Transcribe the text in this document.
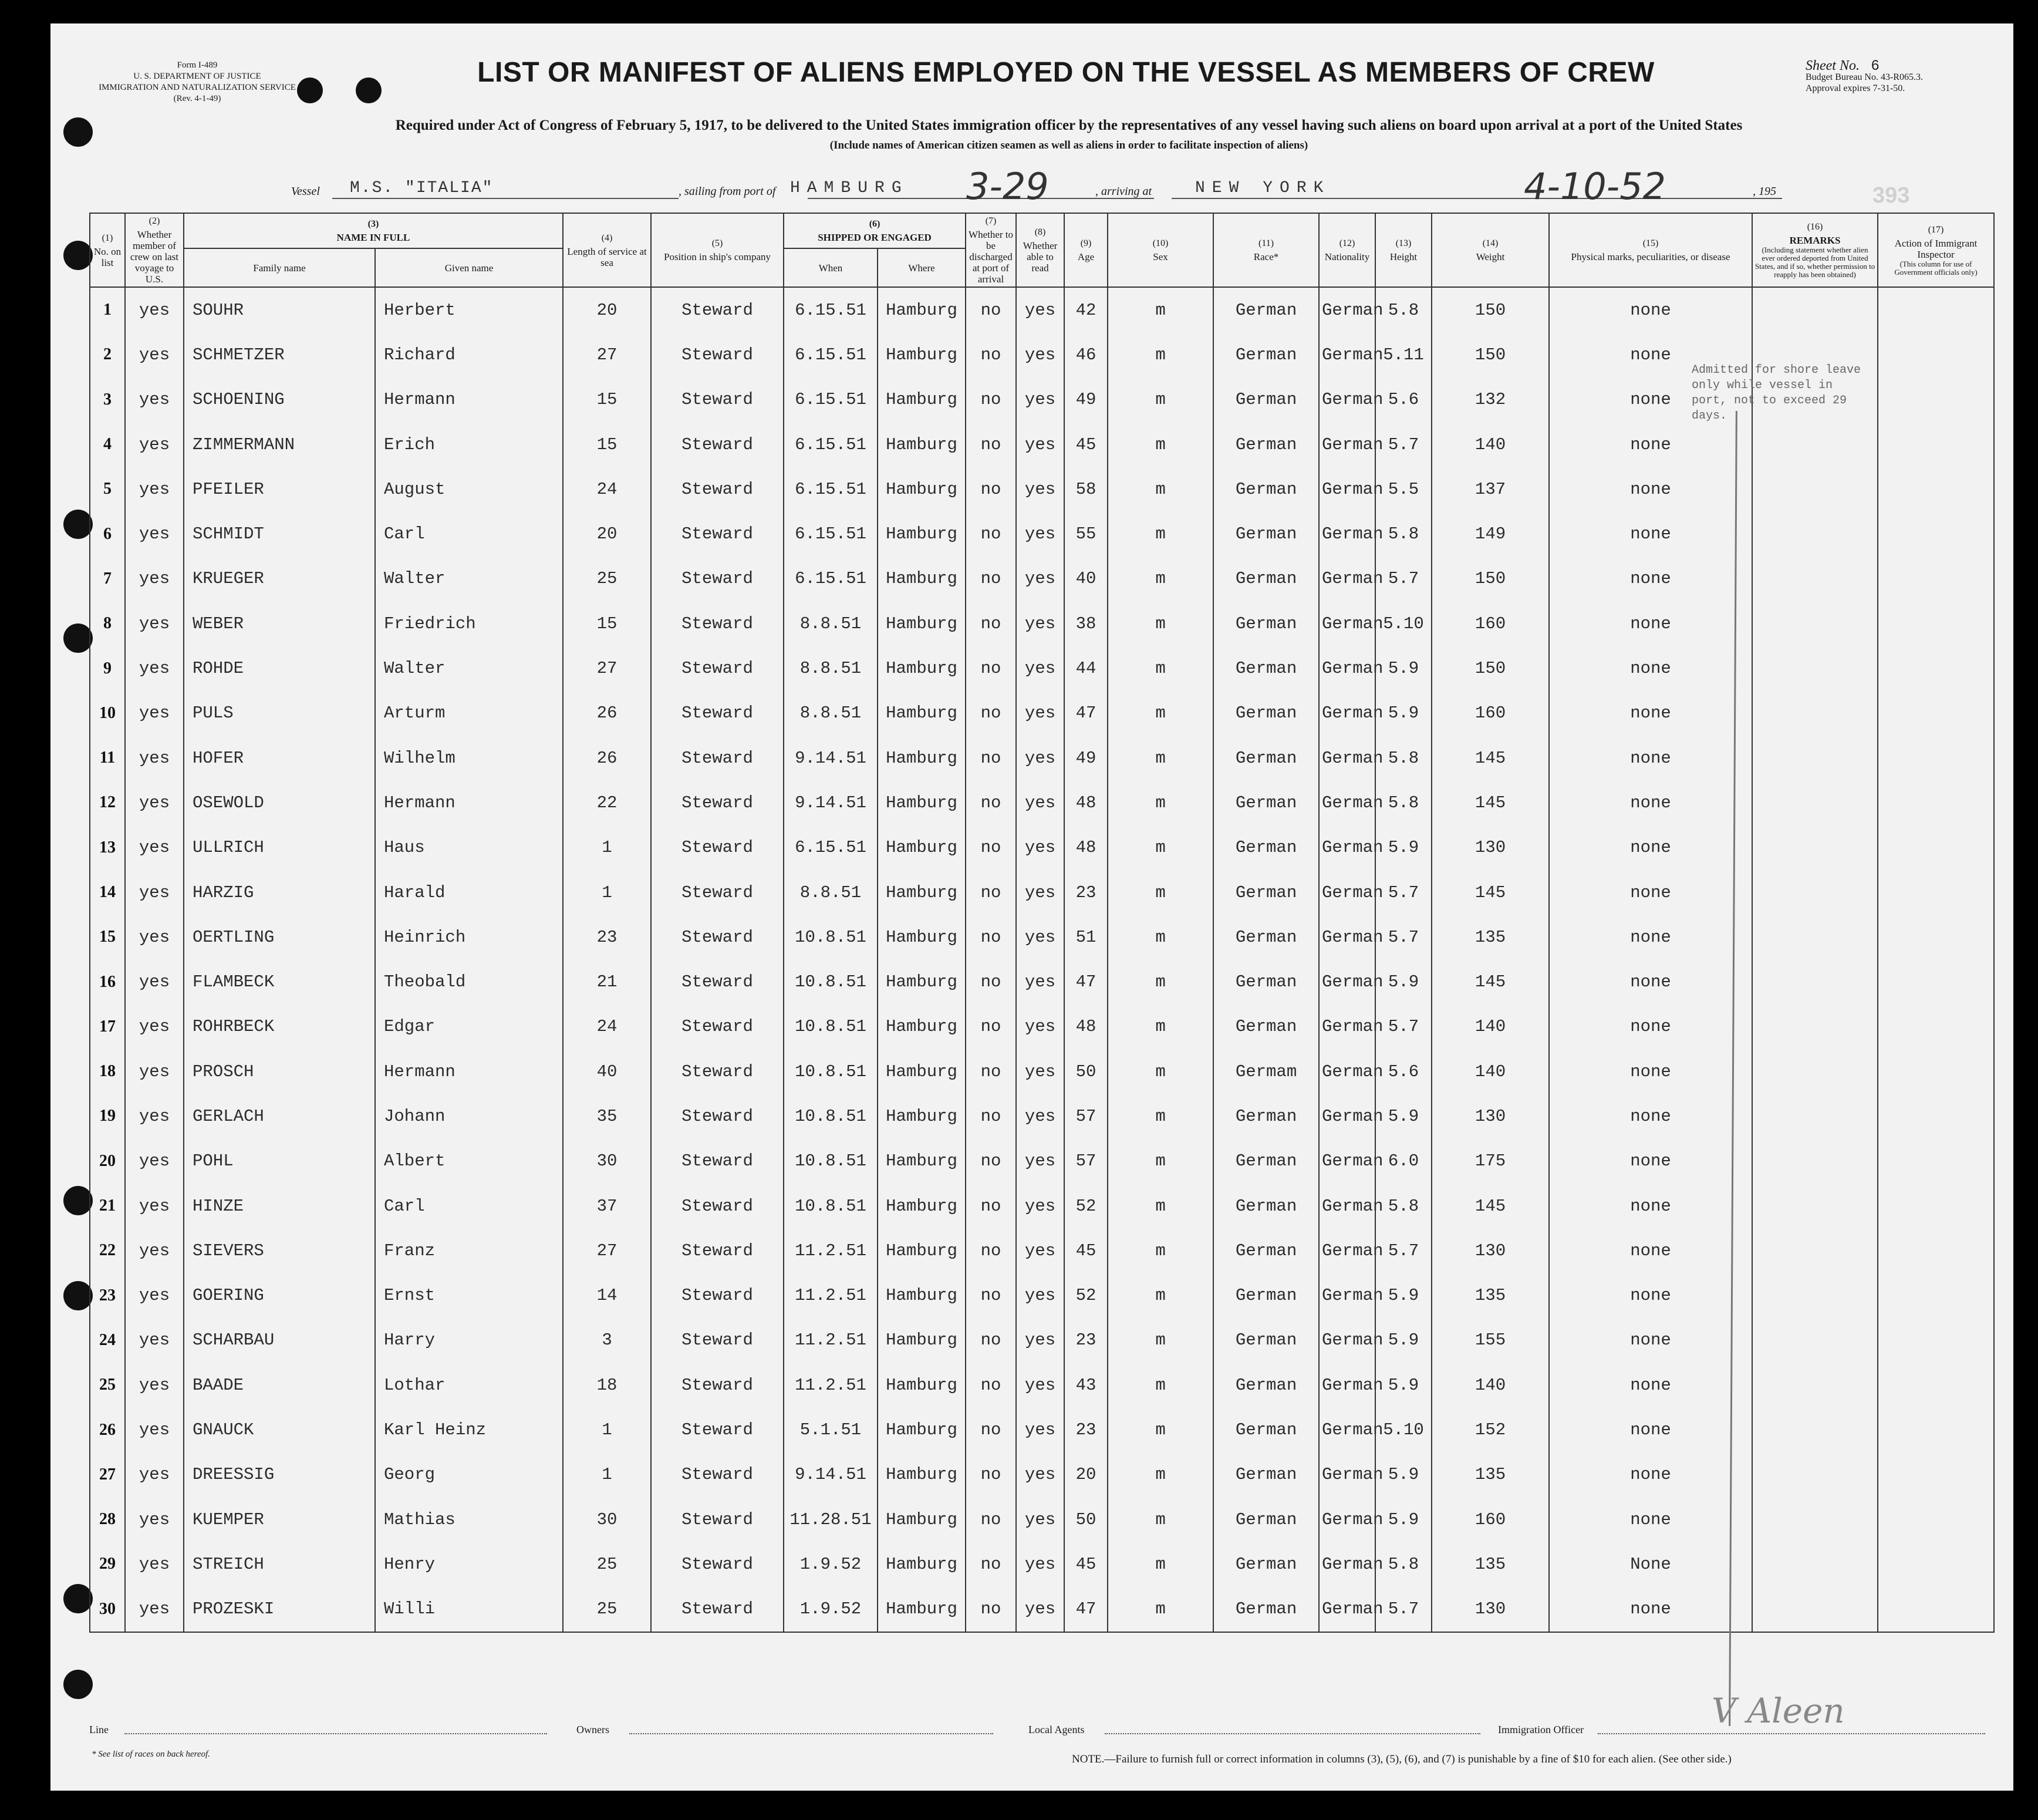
Form I-489
U. S. DEPARTMENT OF JUSTICE
IMMIGRATION AND NATURALIZATION SERVICE
(Rev. 4-1-49)
LIST OR MANIFEST OF ALIENS EMPLOYED ON THE VESSEL AS MEMBERS OF CREW	Sheet No. 6
Budget Bureau No. 43-R065.3.
Approval expires 7-31-50.
Required under Act of Congress of February 5, 1917, to be delivered to the United States immigration officer by the representatives of any vessel having such aliens on board upon arrival at a port of the United States
(Include names of American citizen seamen as well as aliens in order to facilitate inspection of aliens)
Vessel M.S. "ITALIA"	, sailing from port of HAMBURG 3-29	, arriving at	NEW YORK	4-10-52	, 195	393
(1)
No. on list	(2)
Whether member of crew on last voyage to U.S.	(3)
NAME IN FULL		(4)
Length of service at sea	(5)
Position in ship's company	(6)
SHIPPED OR ENGAGED		(7)
Whether to be discharged at port of arrival	(8)
Whether able to read	(9)
Age	(10)
Sex	(11)
Race*	(12)
Nationality	(13)
Height	(14)
Weight	(15)
Physical marks, peculiarities, or disease	(16)
REMARKS

(Including statement whether alien ever ordered deported from United States, and if so, whether permission to reapply has been obtained)	(17)
Action of Immigrant Inspector

(This column for use of Government officials only)

		Family name	Given name			When	Where											
1	yes	SOUHR	Herbert	20	Steward	6.15.51	Hamburg	no	yes	42	m	German	German	5.8	150	none		
2	yes	SCHMETZER	Richard	27	Steward	6.15.51	Hamburg	no	yes	46	m	German	German	5.11	150	none		
3	yes	SCHOENING	Hermann	15	Steward	6.15.51	Hamburg	no	yes	49	m	German	German	5.6	132	none		
4	yes	ZIMMERMANN	Erich	15	Steward	6.15.51	Hamburg	no	yes	45	m	German	German	5.7	140	none		
5	yes	PFEILER	August	24	Steward	6.15.51	Hamburg	no	yes	58	m	German	German	5.5	137	none		
6	yes	SCHMIDT	Carl	20	Steward	6.15.51	Hamburg	no	yes	55	m	German	German	5.8	149	none		
7	yes	KRUEGER	Walter	25	Steward	6.15.51	Hamburg	no	yes	40	m	German	German	5.7	150	none		
8	yes	WEBER	Friedrich	15	Steward	8.8.51	Hamburg	no	yes	38	m	German	German	5.10	160	none		
9	yes	ROHDE	Walter	27	Steward	8.8.51	Hamburg	no	yes	44	m	German	German	5.9	150	none		
10	yes	PULS	Arturm	26	Steward	8.8.51	Hamburg	no	yes	47	m	German	German	5.9	160	none		
11	yes	HOFER	Wilhelm	26	Steward	9.14.51	Hamburg	no	yes	49	m	German	German	5.8	145	none		
12	yes	OSEWOLD	Hermann	22	Steward	9.14.51	Hamburg	no	yes	48	m	German	German	5.8	145	none		
13	yes	ULLRICH	Haus	1	Steward	6.15.51	Hamburg	no	yes	48	m	German	German	5.9	130	none		
14	yes	HARZIG	Harald	1	Steward	8.8.51	Hamburg	no	yes	23	m	German	German	5.7	145	none		
15	yes	OERTLING	Heinrich	23	Steward	10.8.51	Hamburg	no	yes	51	m	German	German	5.7	135	none		
16	yes	FLAMBECK	Theobald	21	Steward	10.8.51	Hamburg	no	yes	47	m	German	German	5.9	145	none		
17	yes	ROHRBECK	Edgar	24	Steward	10.8.51	Hamburg	no	yes	48	m	German	German	5.7	140	none		
18	yes	PROSCH	Hermann	40	Steward	10.8.51	Hamburg	no	yes	50	m	Germam	German	5.6	140	none		
19	yes	GERLACH	Johann	35	Steward	10.8.51	Hamburg	no	yes	57	m	German	German	5.9	130	none		
20	yes	POHL	Albert	30	Steward	10.8.51	Hamburg	no	yes	57	m	German	German	6.0	175	none		
21	yes	HINZE	Carl	37	Steward	10.8.51	Hamburg	no	yes	52	m	German	German	5.8	145	none		
22	yes	SIEVERS	Franz	27	Steward	11.2.51	Hamburg	no	yes	45	m	German	German	5.7	130	none		
23	yes	GOERING	Ernst	14	Steward	11.2.51	Hamburg	no	yes	52	m	German	German	5.9	135	none		
24	yes	SCHARBAU	Harry	3	Steward	11.2.51	Hamburg	no	yes	23	m	German	German	5.9	155	none		
25	yes	BAADE	Lothar	18	Steward	11.2.51	Hamburg	no	yes	43	m	German	German	5.9	140	none		
26	yes	GNAUCK	Karl Heinz	1	Steward	5.1.51	Hamburg	no	yes	23	m	German	German	5.10	152	none		
27	yes	DREESSIG	Georg	1	Steward	9.14.51	Hamburg	no	yes	20	m	German	German	5.9	135	none		
28	yes	KUEMPER	Mathias	30	Steward	11.28.51	Hamburg	no	yes	50	m	German	German	5.9	160	none		
29	yes	STREICH	Henry	25	Steward	1.9.52	Hamburg	no	yes	45	m	German	German	5.8	135	None		
30	yes	PROZESKI	Willi	25	Steward	1.9.52	Hamburg	no	yes	47	m	German	German	5.7	130	none		
Admitted for shore leave only while vessel in port, not to exceed 29 days.
Line	Owners	Local Agents	Immigration Officer	V Aleen
* See list of races on back hereof.	NOTE.—Failure to furnish full or correct information in columns (3), (5), (6), and (7) is punishable by a fine of $10 for each alien. (See other side.)
